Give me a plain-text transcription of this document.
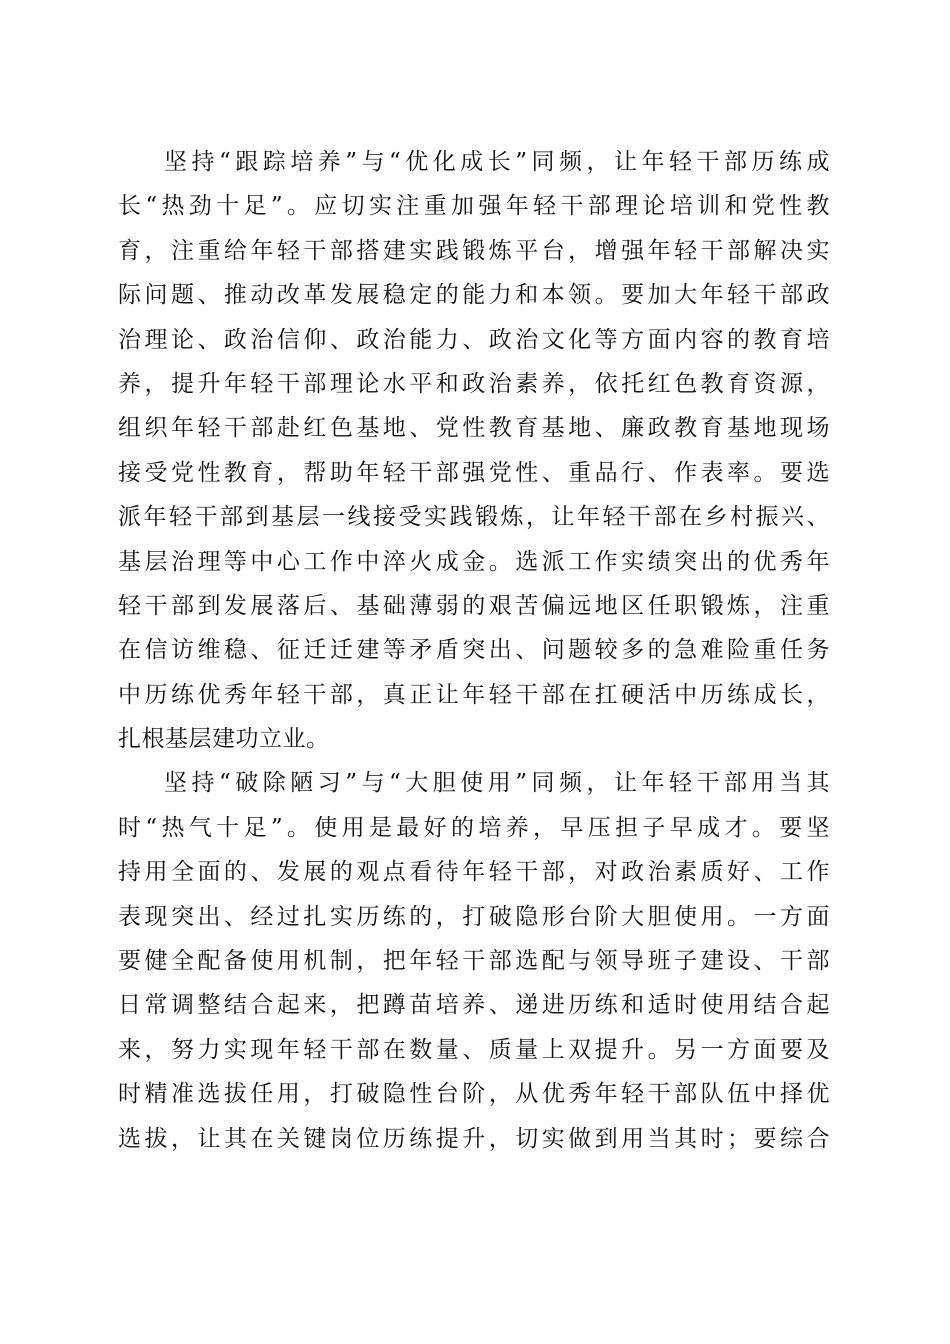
坚持“跟踪培养”与“优化成长”同频，让年轻干部历练成
长“热劲十足”。应切实注重加强年轻干部理论培训和党性教
育，注重给年轻干部搭建实践锻炼平台，增强年轻干部解决实
际问题、推动改革发展稳定的能力和本领。要加大年轻干部政
治理论、政治信仰、政治能力、政治文化等方面内容的教育培
养，提升年轻干部理论水平和政治素养，依托红色教育资源，
组织年轻干部赴红色基地、党性教育基地、廉政教育基地现场
接受党性教育，帮助年轻干部强党性、重品行、作表率。要选
派年轻干部到基层一线接受实践锻炼，让年轻干部在乡村振兴、
基层治理等中心工作中淬火成金。选派工作实绩突出的优秀年
轻干部到发展落后、基础薄弱的艰苦偏远地区任职锻炼，注重
在信访维稳、征迁迁建等矛盾突出、问题较多的急难险重任务
中历练优秀年轻干部，真正让年轻干部在扛硬活中历练成长，
扎根基层建功立业。
坚持“破除陋习”与“大胆使用”同频，让年轻干部用当其
时“热气十足”。使用是最好的培养，早压担子早成才。要坚
持用全面的、发展的观点看待年轻干部，对政治素质好、工作
表现突出、经过扎实历练的，打破隐形台阶大胆使用。一方面
要健全配备使用机制，把年轻干部选配与领导班子建设、干部
日常调整结合起来，把蹲苗培养、递进历练和适时使用结合起
来，努力实现年轻干部在数量、质量上双提升。另一方面要及
时精准选拔任用，打破隐性台阶，从优秀年轻干部队伍中择优
选拔，让其在关键岗位历练提升，切实做到用当其时；要综合
